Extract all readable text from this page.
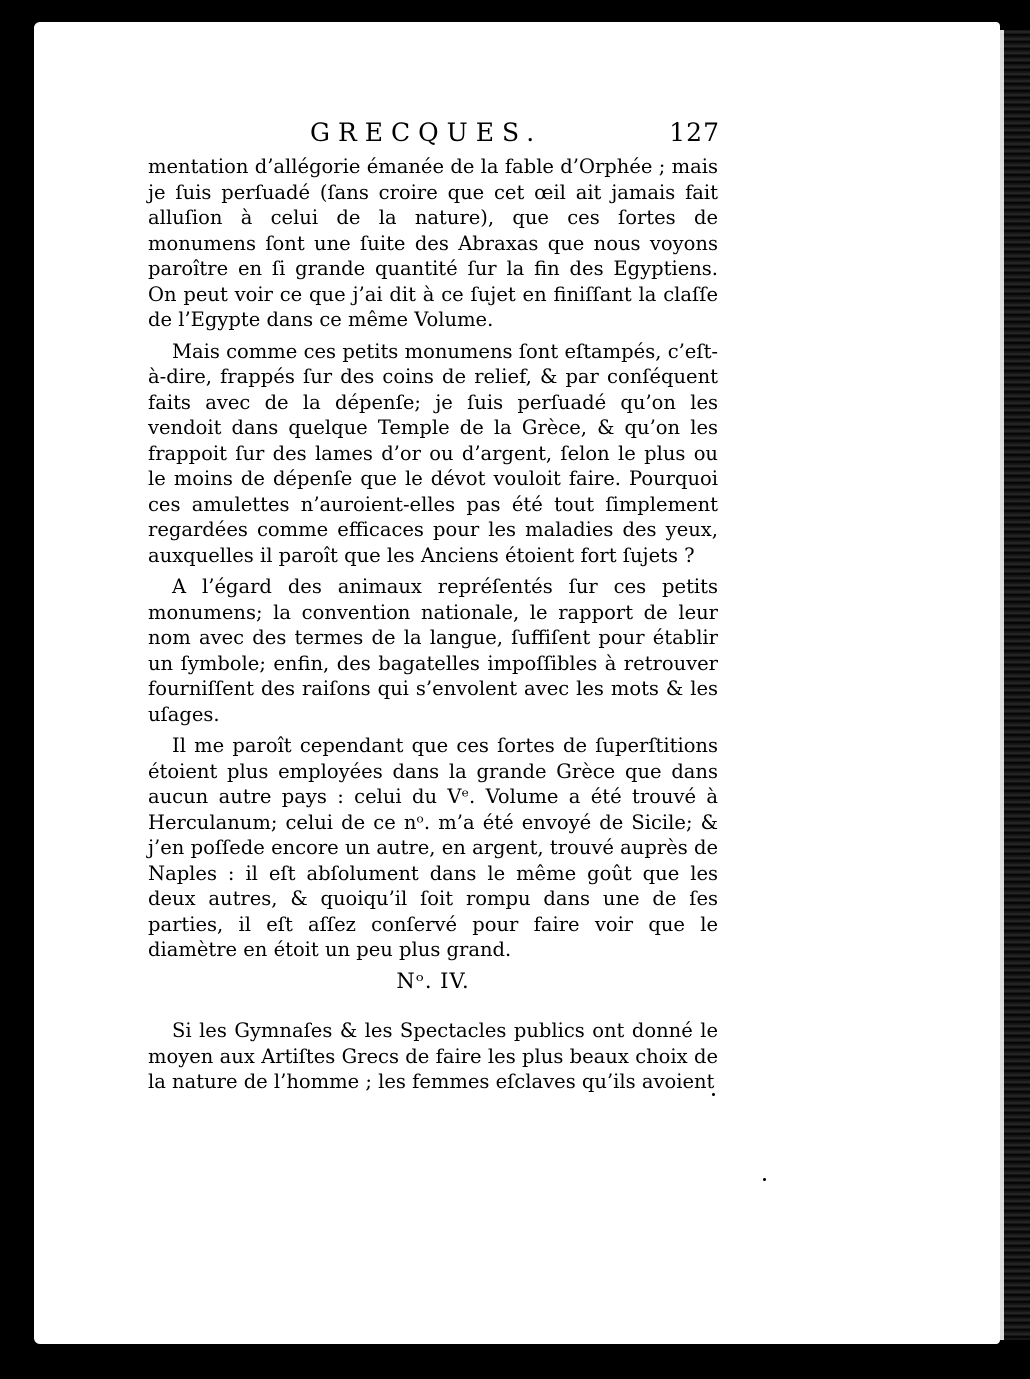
GRECQUES.	127

mentation d’allégorie émanée de la fable d’Orphée ; mais je ſuis perſuadé (ſans croire que cet œil ait jamais fait alluſion à celui de la nature), que ces ſortes de monumens ſont une ſuite des Abraxas que nous voyons paroître en ſi grande quantité ſur la fin des Egyptiens. On peut voir ce que j’ai dit à ce ſujet en finiſſant la claſſe de l’Egypte dans ce même Volume.

Mais comme ces petits monumens ſont eſtampés, c’eſt-à-dire, frappés ſur des coins de relief, & par conſéquent faits avec de la dépenſe; je ſuis perſuadé qu’on les vendoit dans quelque Temple de la Grèce, & qu’on les frappoit ſur des lames d’or ou d’argent, ſelon le plus ou le moins de dépenſe que le dévot vouloit faire. Pourquoi ces amulettes n’auroient-elles pas été tout ſimplement regardées comme efficaces pour les maladies des yeux, auxquelles il paroît que les Anciens étoient fort ſujets ?

A l’égard des animaux repréſentés ſur ces petits monumens; la convention nationale, le rapport de leur nom avec des termes de la langue, ſuffiſent pour établir un ſymbole; enfin, des bagatelles impoſſibles à retrouver fourniſſent des raiſons qui s’envolent avec les mots & les uſages.

Il me paroît cependant que ces ſortes de ſuperſtitions étoient plus employées dans la grande Grèce que dans aucun autre pays : celui du Vᵉ. Volume a été trouvé à Herculanum; celui de ce nᵒ. m’a été envoyé de Sicile; & j’en poſſede encore un autre, en argent, trouvé auprès de Naples : il eſt abſolument dans le même goût que les deux autres, & quoiqu’il ſoit rompu dans une de ſes parties, il eſt aſſez conſervé pour faire voir que le diamètre en étoit un peu plus grand.

Nᵒ. IV.

Si les Gymnaſes & les Spectacles publics ont donné le moyen aux Artiſtes Grecs de faire les plus beaux choix de la nature de l’homme ; les femmes eſclaves qu’ils avoient
